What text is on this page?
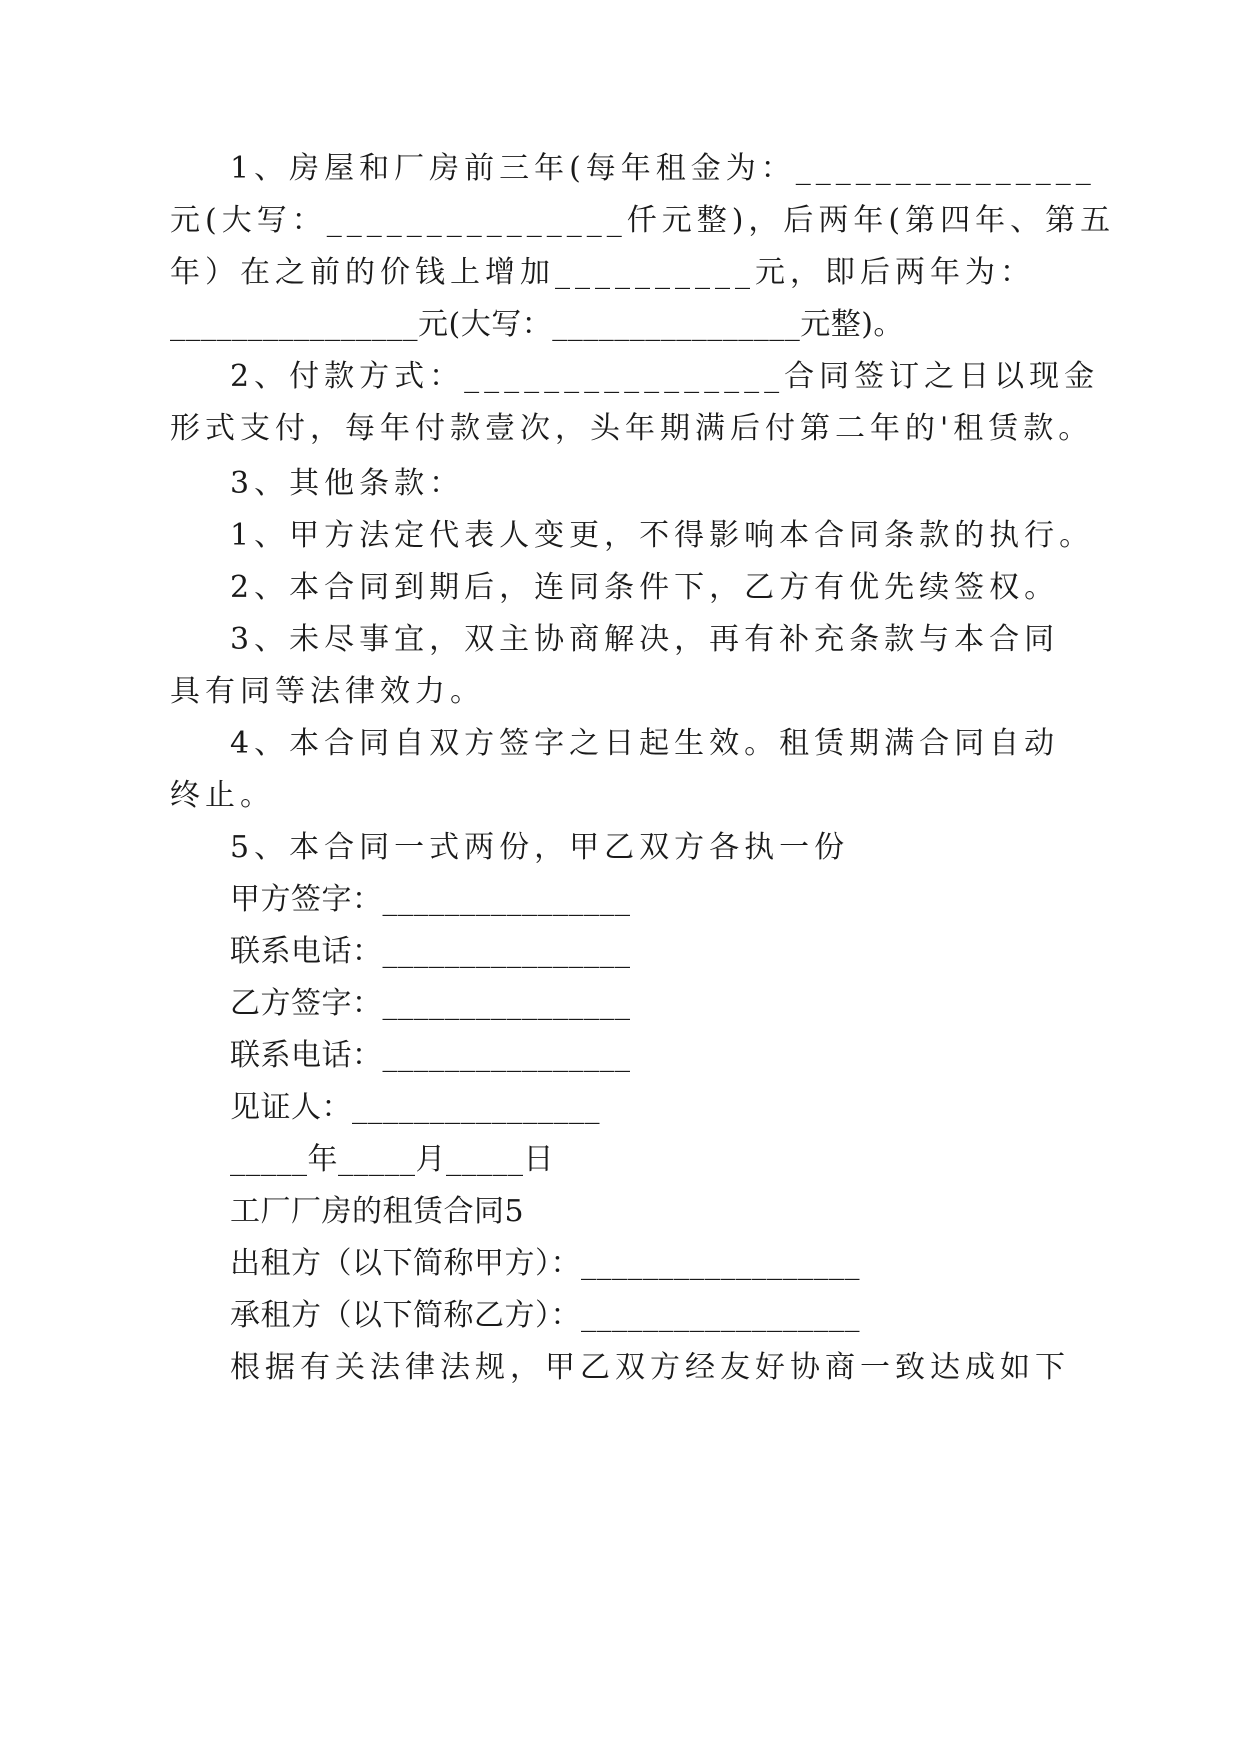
1、房屋和厂房前三年(每年租金为：_______________
元(大写：_______________仟元整)，后两年(第四年、第五
年）在之前的价钱上增加__________元，即后两年为：
________________元(大写：________________元整)。
2、付款方式：________________合同签订之日以现金
形式支付，每年付款壹次，头年期满后付第二年的'租赁款。
3、其他条款：
1、甲方法定代表人变更，不得影响本合同条款的执行。
2、本合同到期后，连同条件下，乙方有优先续签权。
3、未尽事宜，双主协商解决，再有补充条款与本合同
具有同等法律效力。
4、本合同自双方签字之日起生效。租赁期满合同自动
终止。
5、本合同一式两份，甲乙双方各执一份
甲方签字：________________
联系电话：________________
乙方签字：________________
联系电话：________________
见证人：________________
_____年_____月_____日
工厂厂房的租赁合同5
出租方（以下简称甲方）：__________________
承租方（以下简称乙方）：__________________
根据有关法律法规，甲乙双方经友好协商一致达成如下
